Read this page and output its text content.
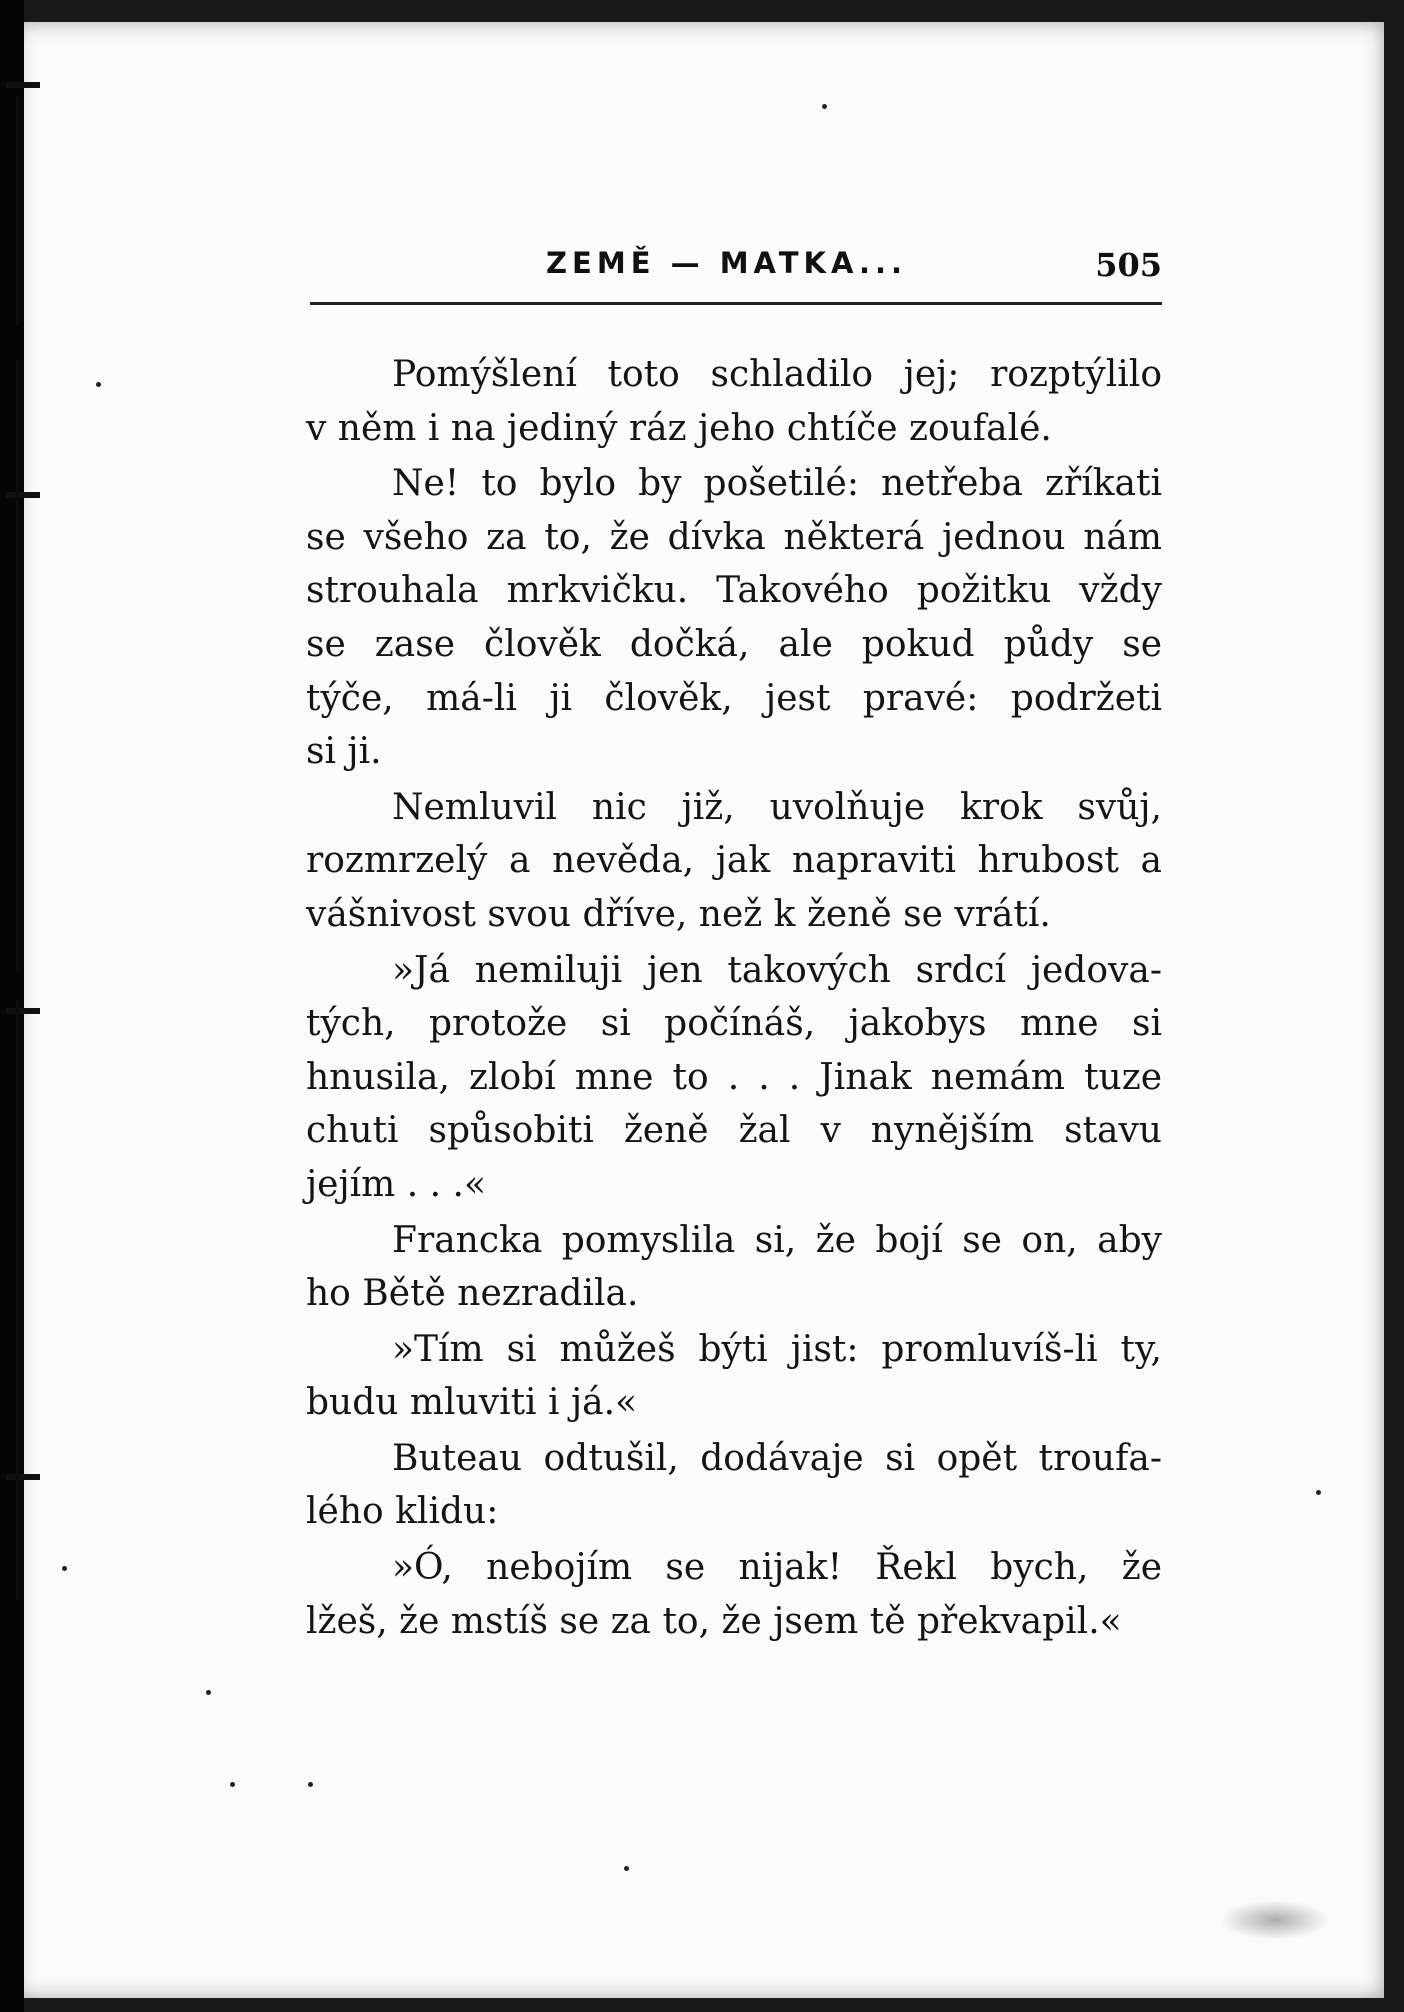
ZEMĚ — MATKA...	505
Pomýšlení toto schladilo jej; rozptýlilo
v něm i na jediný ráz jeho chtíče zoufalé.
Ne! to bylo by pošetilé: netřeba zříkati
se všeho za to, že dívka některá jednou nám
strouhala mrkvičku. Takového požitku vždy
se zase člověk dočká, ale pokud půdy se
týče, má-li ji člověk, jest pravé: podržeti
si ji.
Nemluvil nic již, uvolňuje krok svůj,
rozmrzelý a nevěda, jak napraviti hrubost a
vášnivost svou dříve, než k ženě se vrátí.
»Já nemiluji jen takových srdcí jedova-
tých, protože si počínáš, jakobys mne si
hnusila, zlobí mne to . . . Jinak nemám tuze
chuti spůsobiti ženě žal v nynějším stavu
jejím . . .«
Francka pomyslila si, že bojí se on, aby
ho Bětě nezradila.
»Tím si můžeš býti jist: promluvíš-li ty,
budu mluviti i já.«
Buteau odtušil, dodávaje si opět troufa-
lého klidu:
»Ó, nebojím se nijak! Řekl bych, že
lžeš, že mstíš se za to, že jsem tě překvapil.«
